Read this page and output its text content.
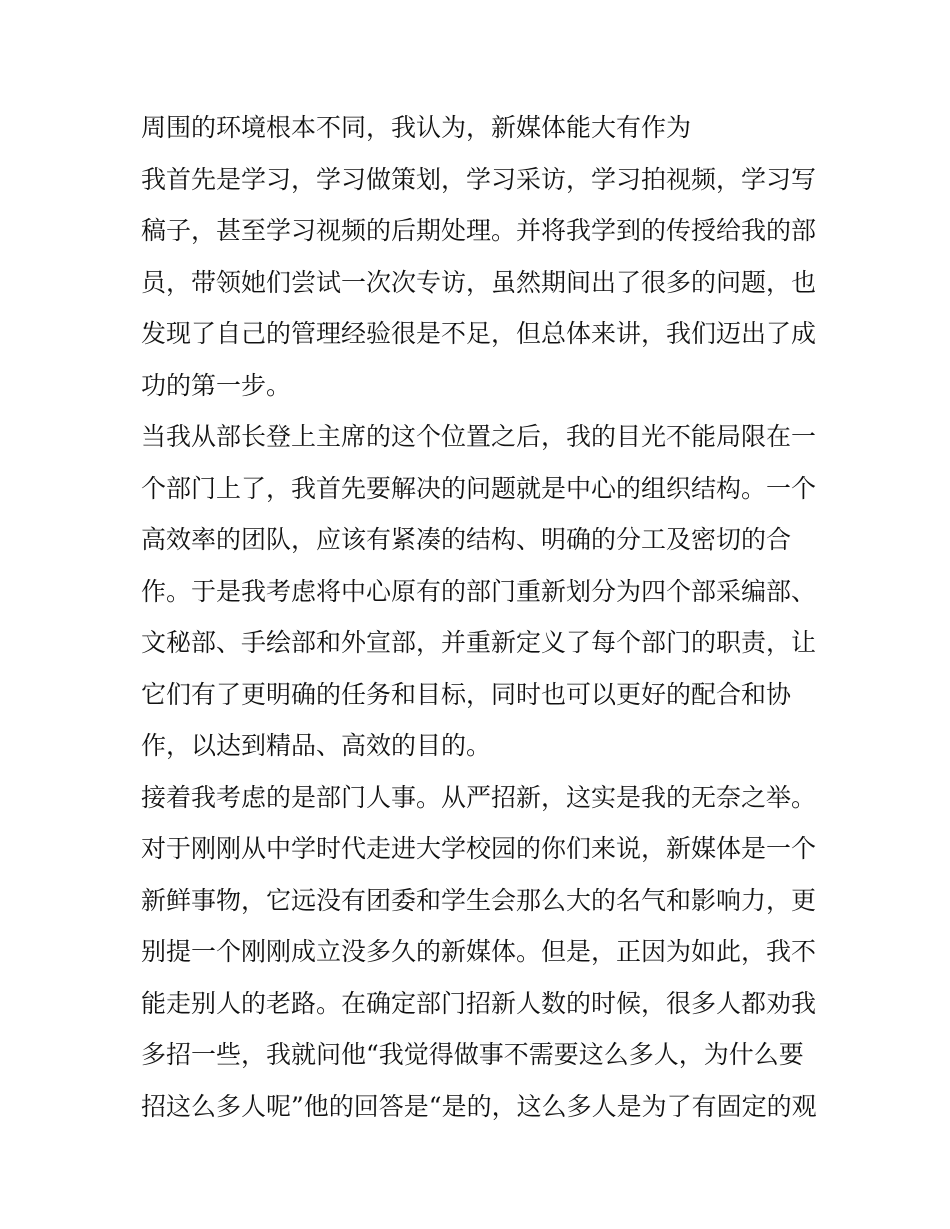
周围的环境根本不同，我认为，新媒体能大有作为
我首先是学习，学习做策划，学习采访，学习拍视频，学习写
稿子，甚至学习视频的后期处理。并将我学到的传授给我的部
员，带领她们尝试一次次专访，虽然期间出了很多的问题，也
发现了自己的管理经验很是不足，但总体来讲，我们迈出了成
功的第一步。
当我从部长登上主席的这个位置之后，我的目光不能局限在一
个部门上了，我首先要解决的问题就是中心的组织结构。一个
高效率的团队，应该有紧凑的结构、明确的分工及密切的合
作。于是我考虑将中心原有的部门重新划分为四个部采编部、
文秘部、手绘部和外宣部，并重新定义了每个部门的职责，让
它们有了更明确的任务和目标，同时也可以更好的配合和协
作，以达到精品、高效的目的。
接着我考虑的是部门人事。从严招新，这实是我的无奈之举。
对于刚刚从中学时代走进大学校园的你们来说，新媒体是一个
新鲜事物，它远没有团委和学生会那么大的名气和影响力，更
别提一个刚刚成立没多久的新媒体。但是，正因为如此，我不
能走别人的老路。在确定部门招新人数的时候，很多人都劝我
多招一些，我就问他“我觉得做事不需要这么多人，为什么要
招这么多人呢”他的回答是“是的，这么多人是为了有固定的观
